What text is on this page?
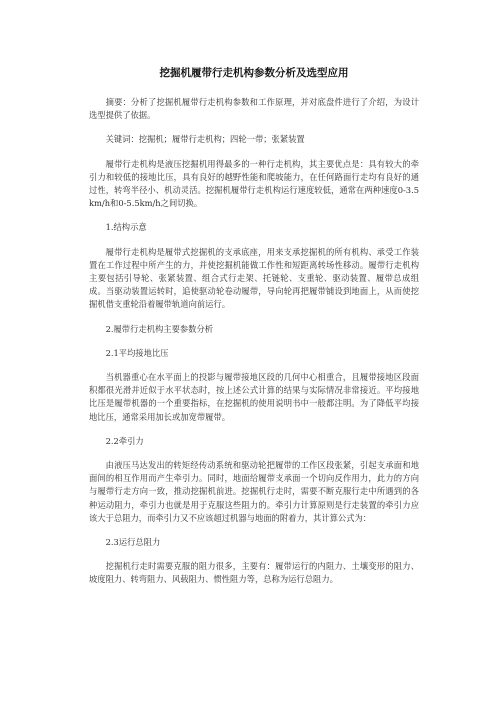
挖掘机履带行走机构参数分析及选型应用

摘要：分析了挖掘机履带行走机构参数和工作原理，并对底盘件进行了介绍，为设计选型提供了依据。

关键词：挖掘机；履带行走机构；四轮一带；张紧装置

履带行走机构是液压挖掘机用得最多的一种行走机构，其主要优点是：具有较大的牵引力和较低的接地比压，具有良好的越野性能和爬坡能力，在任何路面行走均有良好的通过性，转弯半径小、机动灵活。挖掘机履带行走机构运行速度较低，通常在两种速度0-3.5km/h和0-5.5km/h之间切换。

1.结构示意

履带行走机构是履带式挖掘机的支承底座，用来支承挖掘机的所有机构、承受工作装置在工作过程中所产生的力，并使挖掘机能做工作性和短距离转场性移动。履带行走机构主要包括引导轮、张紧装置、组合式行走架、托链轮、支重轮、驱动装置、履带总成组成。当驱动装置运转时，追使驱动轮卷动履带，导向轮再把履带铺设到地面上，从而使挖掘机借支重轮沿着履带轨道向前运行。

2.履带行走机构主要参数分析

2.1平均接地比压

当机器重心在水平面上的投影与履带接地区段的几何中心相重合，且履带接地区段面积都很光滑并近似于水平状态时，按上述公式计算的结果与实际情况非常接近。平均接地比压是履带机器的一个重要指标，在挖掘机的使用说明书中一般都注明。为了降低平均接地比压，通常采用加长或加宽带履带。

2.2牵引力

由液压马达发出的转矩经传动系统和驱动轮把履带的工作区段张紧，引起支承面和地面间的相互作用而产生牵引力。同时，地面给履带支承面一个切向反作用力，此力的方向与履带行走方向一致，推动挖掘机前进。挖掘机行走时，需要不断克服行走中所遇到的各种运动阻力，牵引力也就是用于克服这些阻力的。牵引力计算原则是行走装置的牵引力应该大于总阻力，而牵引力又不应该超过机器与地面的附着力，其计算公式为：

2.3运行总阻力

挖掘机行走时需要克服的阻力很多，主要有：履带运行的内阻力、土壤变形的阻力、坡度阻力、转弯阻力、风载阻力、惯性阻力等，总称为运行总阻力。
